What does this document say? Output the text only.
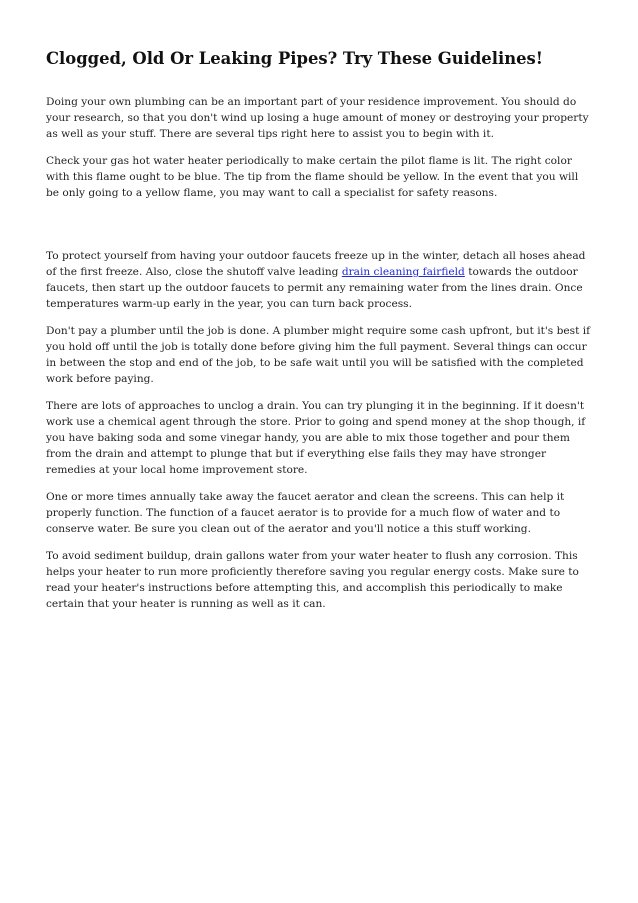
Clogged, Old Or Leaking Pipes? Try These Guidelines!

Doing your own plumbing can be an important part of your residence improvement. You should do your research, so that you don't wind up losing a huge amount of money or destroying your property as well as your stuff. There are several tips right here to assist you to begin with it.

Check your gas hot water heater periodically to make certain the pilot flame is lit. The right color with this flame ought to be blue. The tip from the flame should be yellow. In the event that you will be only going to a yellow flame, you may want to call a specialist for safety reasons.

To protect yourself from having your outdoor faucets freeze up in the winter, detach all hoses ahead of the first freeze. Also, close the shutoff valve leading drain cleaning fairfield towards the outdoor faucets, then start up the outdoor faucets to permit any remaining water from the lines drain. Once temperatures warm-up early in the year, you can turn back process.

Don't pay a plumber until the job is done. A plumber might require some cash upfront, but it's best if you hold off until the job is totally done before giving him the full payment. Several things can occur in between the stop and end of the job, to be safe wait until you will be satisfied with the completed work before paying.

There are lots of approaches to unclog a drain. You can try plunging it in the beginning. If it doesn't work use a chemical agent through the store. Prior to going and spend money at the shop though, if you have baking soda and some vinegar handy, you are able to mix those together and pour them from the drain and attempt to plunge that but if everything else fails they may have stronger remedies at your local home improvement store.

One or more times annually take away the faucet aerator and clean the screens. This can help it properly function. The function of a faucet aerator is to provide for a much flow of water and to conserve water. Be sure you clean out of the aerator and you'll notice a this stuff working.

To avoid sediment buildup, drain gallons water from your water heater to flush any corrosion. This helps your heater to run more proficiently therefore saving you regular energy costs. Make sure to read your heater's instructions before attempting this, and accomplish this periodically to make certain that your heater is running as well as it can.
